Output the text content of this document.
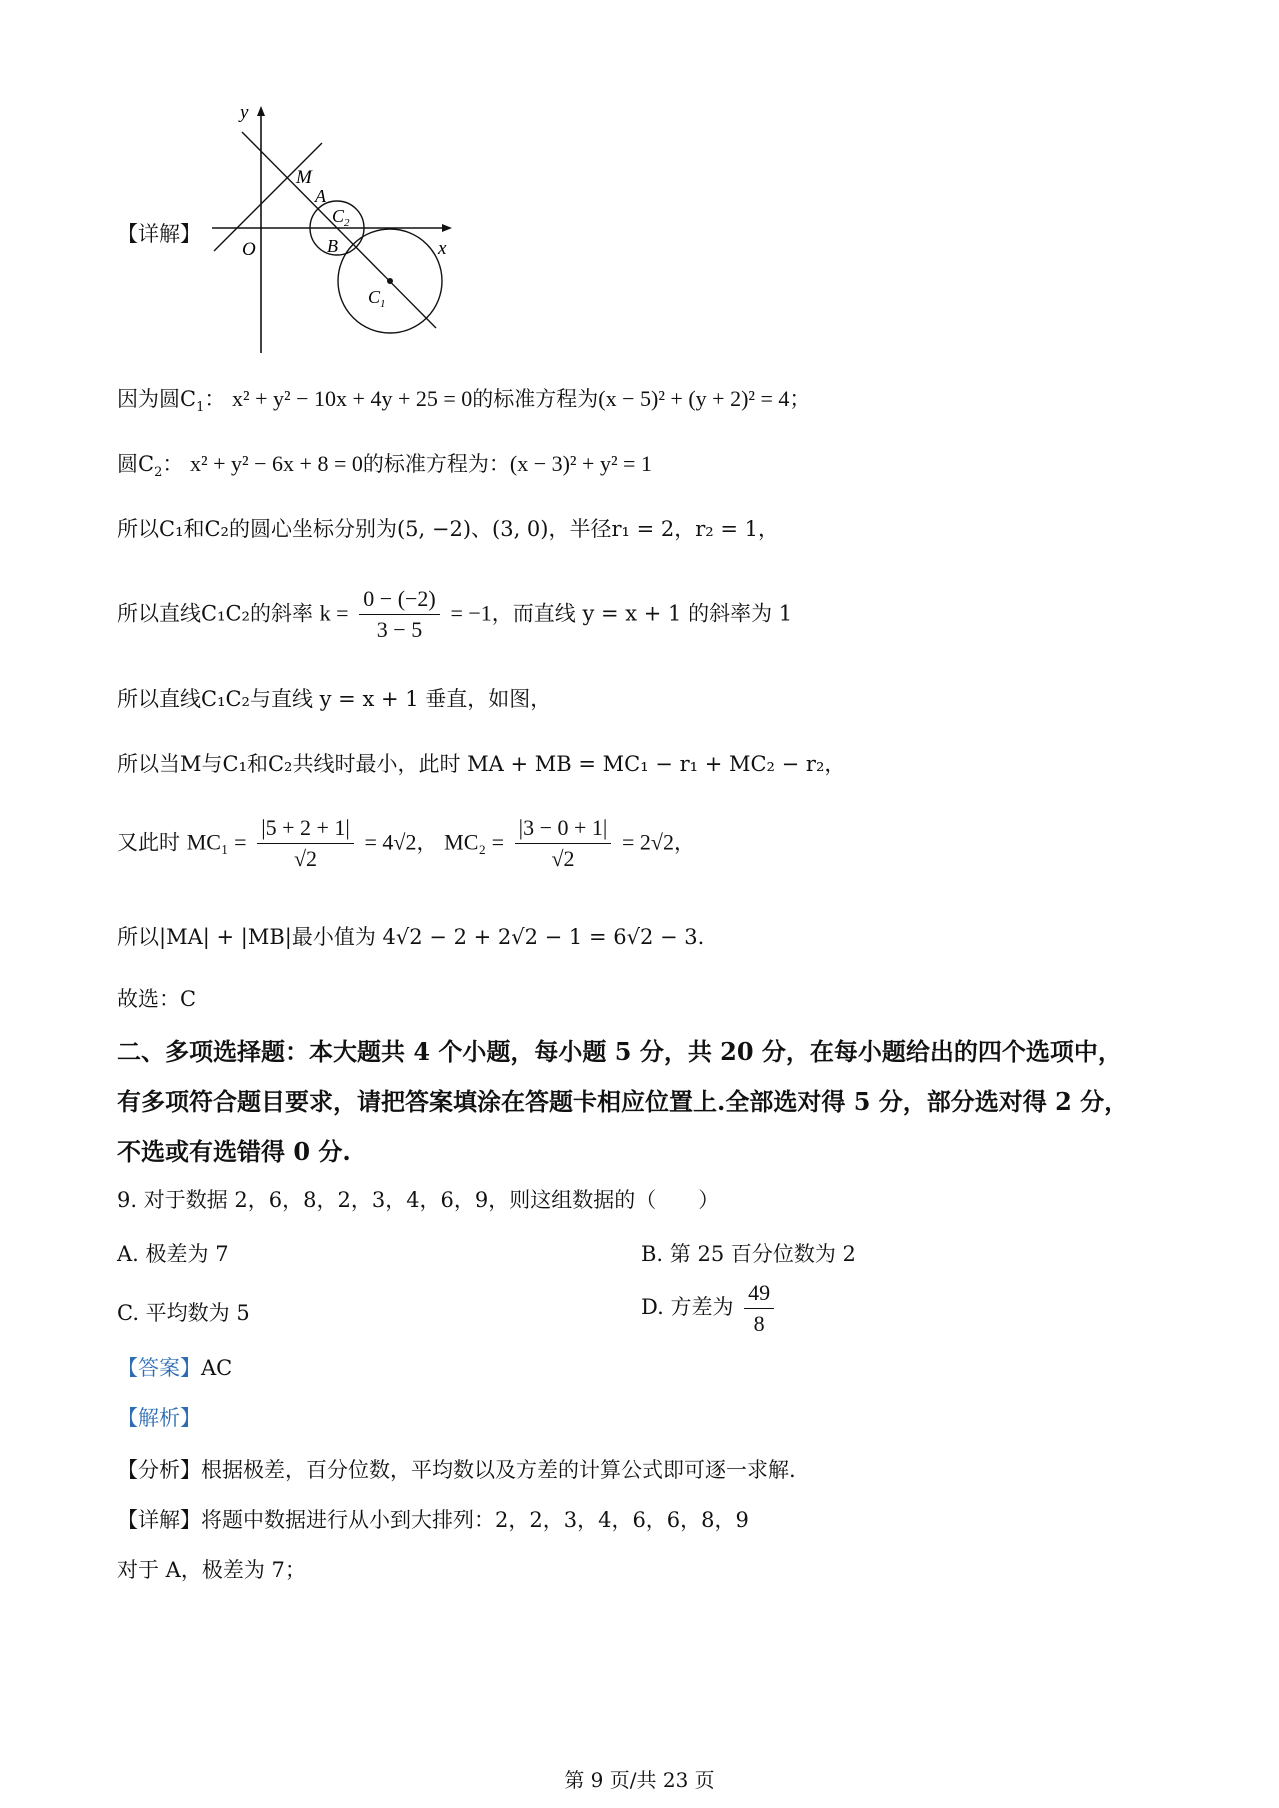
【详解】
y
x
O
M
A
B
$C_2$
$C_1$
因为圆$C_1$： x² + y² − 10x + 4y + 25 = 0的标准方程为(x − 5)² + (y + 2)² = 4；
圆$C_2$： x² + y² − 6x + 8 = 0的标准方程为：(x − 3)² + y² = 1
所以C₁和C₂的圆心坐标分别为(5, −2)、(3, 0)，半径r₁ = 2，r₂ = 1，
所以直线C₁C₂的斜率 $k = \frac{0 - (-2)}{3 - 5} = -1$，而直线 y = x + 1 的斜率为 1
所以直线C₁C₂与直线 y = x + 1 垂直，如图，
所以当M与C₁和C₂共线时最小，此时 MA + MB = MC₁ − r₁ + MC₂ − r₂，
又此时 $MC_1 = \frac{|5 + 2 + 1|}{√2} = 4√2$， $MC_2 = \frac{|3 - 0 + 1|}{√2} = 2√2$，
所以|MA| + |MB|最小值为 4√2 − 2 + 2√2 − 1 = 6√2 − 3.
故选：C
二、多项选择题：本大题共 4 个小题，每小题 5 分，共 20 分，在每小题给出的四个选项中，
有多项符合题目要求，请把答案填涂在答题卡相应位置上.全部选对得 5 分，部分选对得 2 分，
不选或有选错得 0 分.
9. 对于数据 2，6，8，2，3，4，6，9，则这组数据的（　　）
A. 极差为 7	B. 第 25 百分位数为 2
C. 平均数为 5	D. 方差为 $\frac{49}{8}$
【答案】AC
【解析】
【分析】根据极差，百分位数，平均数以及方差的计算公式即可逐一求解.
【详解】将题中数据进行从小到大排列：2，2，3，4，6，6，8，9
对于 A，极差为 7；
第 9 页/共 23 页
